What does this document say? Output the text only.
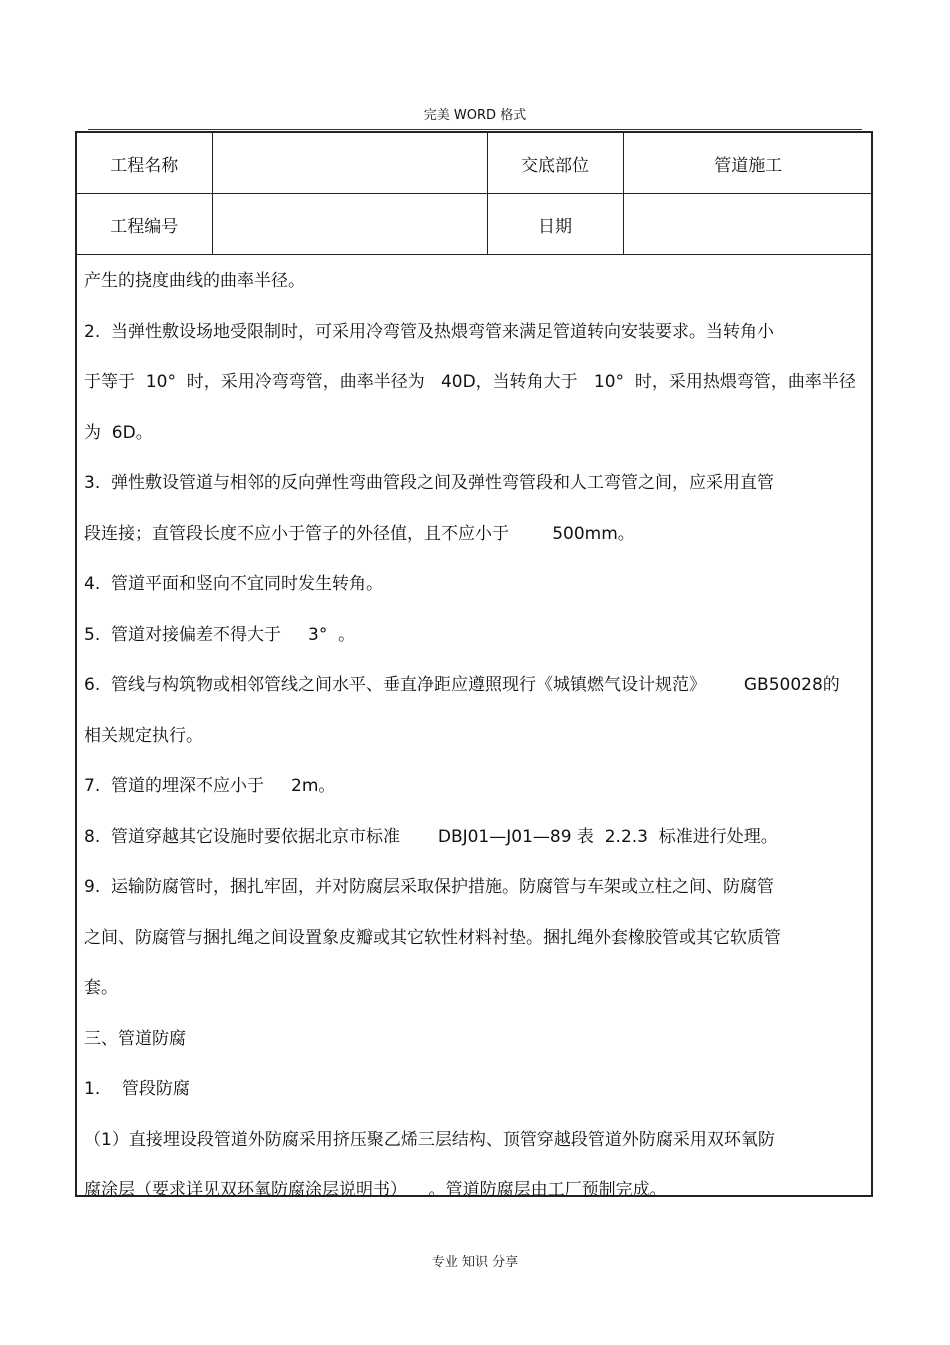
完美 WORD 格式
工程名称		交底部位	管道施工
工程编号		日期	
产生的挠度曲线的曲率半径。
2.  当弹性敷设场地受限制时，可采用冷弯管及热煨弯管来满足管道转向安装要求。当转角小
于等于  10°  时，采用冷弯弯管，曲率半径为   40D，当转角大于   10°  时，采用热煨弯管，曲率半径
为  6D。
3.  弹性敷设管道与相邻的反向弹性弯曲管段之间及弹性弯管段和人工弯管之间，应采用直管
段连接；直管段长度不应小于管子的外径值，且不应小于        500mm。
4.  管道平面和竖向不宜同时发生转角。
5.  管道对接偏差不得大于     3°  。
6.  管线与构筑物或相邻管线之间水平、垂直净距应遵照现行《城镇燃气设计规范》       GB50028的
相关规定执行。
7.  管道的埋深不应小于     2m。
8.  管道穿越其它设施时要依据北京市标准       DBJ01—J01—89 表  2.2.3  标准进行处理。
9.  运输防腐管时，捆扎牢固，并对防腐层采取保护措施。防腐管与车架或立柱之间、防腐管
之间、防腐管与捆扎绳之间设置象皮瓣或其它软性材料衬垫。捆扎绳外套橡胶管或其它软质管
套。
三、管道防腐
1.    管段防腐
（1）直接埋设段管道外防腐采用挤压聚乙烯三层结构、顶管穿越段管道外防腐采用双环氧防
腐涂层（要求详见双环氧防腐涂层说明书）    。管道防腐层由工厂预制完成。
专业 知识 分享
